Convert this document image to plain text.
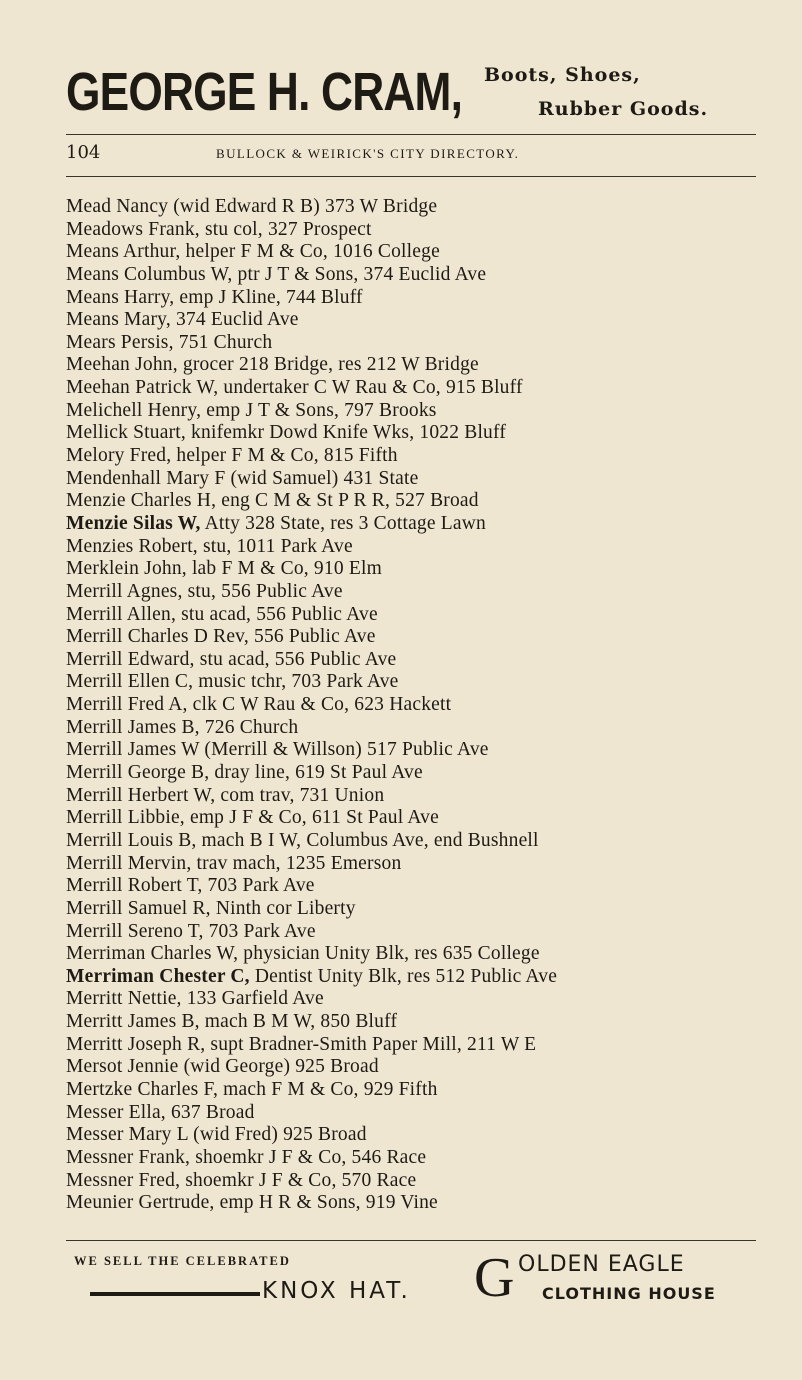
GEORGE H. CRAM, Boots, Shoes,
Rubber Goods.
104	BULLOCK & WEIRICK'S CITY DIRECTORY.
Mead Nancy (wid Edward R B) 373 W Bridge
Meadows Frank, stu col, 327 Prospect
Means Arthur, helper F M & Co, 1016 College
Means Columbus W, ptr J T & Sons, 374 Euclid Ave
Means Harry, emp J Kline, 744 Bluff
Means Mary, 374 Euclid Ave
Mears Persis, 751 Church
Meehan John, grocer 218 Bridge, res 212 W Bridge
Meehan Patrick W, undertaker C W Rau & Co, 915 Bluff
Melichell Henry, emp J T & Sons, 797 Brooks
Mellick Stuart, knifemkr Dowd Knife Wks, 1022 Bluff
Melory Fred, helper F M & Co, 815 Fifth
Mendenhall Mary F (wid Samuel) 431 State
Menzie Charles H, eng C M & St P R R, 527 Broad
Menzie Silas W, Atty 328 State, res 3 Cottage Lawn
Menzies Robert, stu, 1011 Park Ave
Merklein John, lab F M & Co, 910 Elm
Merrill Agnes, stu, 556 Public Ave
Merrill Allen, stu acad, 556 Public Ave
Merrill Charles D Rev, 556 Public Ave
Merrill Edward, stu acad, 556 Public Ave
Merrill Ellen C, music tchr, 703 Park Ave
Merrill Fred A, clk C W Rau & Co, 623 Hackett
Merrill James B, 726 Church
Merrill James W (Merrill & Willson) 517 Public Ave
Merrill George B, dray line, 619 St Paul Ave
Merrill Herbert W, com trav, 731 Union
Merrill Libbie, emp J F & Co, 611 St Paul Ave
Merrill Louis B, mach B I W, Columbus Ave, end Bushnell
Merrill Mervin, trav mach, 1235 Emerson
Merrill Robert T, 703 Park Ave
Merrill Samuel R, Ninth cor Liberty
Merrill Sereno T, 703 Park Ave
Merriman Charles W, physician Unity Blk, res 635 College
Merriman Chester C, Dentist Unity Blk, res 512 Public Ave
Merritt Nettie, 133 Garfield Ave
Merritt James B, mach B M W, 850 Bluff
Merritt Joseph R, supt Bradner-Smith Paper Mill, 211 W E
Mersot Jennie (wid George) 925 Broad
Mertzke Charles F, mach F M & Co, 929 Fifth
Messer Ella, 637 Broad
Messer Mary L (wid Fred) 925 Broad
Messner Frank, shoemkr J F & Co, 546 Race
Messner Fred, shoemkr J F & Co, 570 Race
Meunier Gertrude, emp H R & Sons, 919 Vine
WE SELL THE CELEBRATED
KNOX HAT. G OLDEN EAGLE
CLOTHING HOUSE
